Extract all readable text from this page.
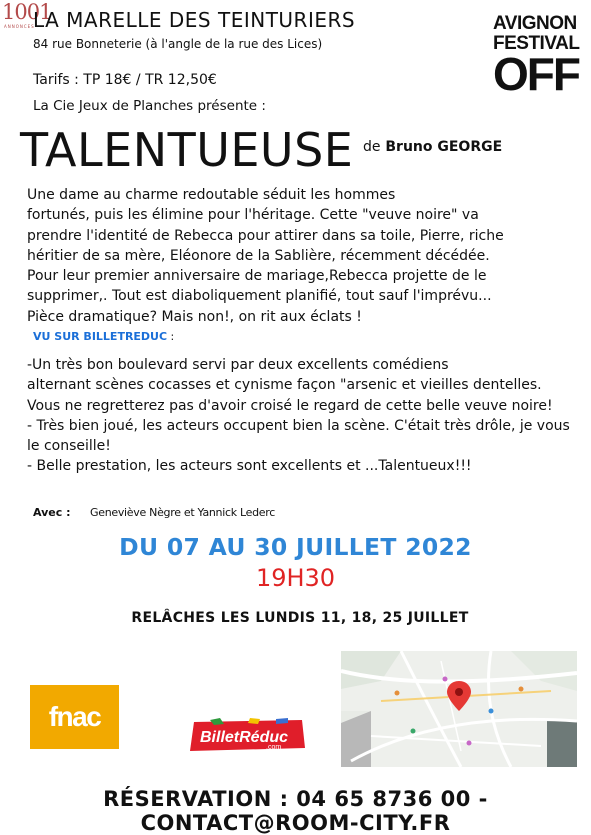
1001
ANNONCES
LA MARELLE DES TEINTURIERS
84 rue Bonneterie (à l'angle de la rue des Lices)
AVIGNON
FESTIVAL
OFF
Tarifs : TP 18€ / TR 12,50€
La Cie Jeux de Planches présente :
TALENTUEUSE de Bruno GEORGE
Une dame au charme redoutable séduit les hommes
fortunés, puis les élimine pour l'héritage. Cette "veuve noire" va
prendre l'identité de Rebecca pour attirer dans sa toile, Pierre, riche
héritier de sa mère, Eléonore de la Sablière, récemment décédée.
Pour leur premier anniversaire de mariage,Rebecca projette de le
supprimer,. Tout est diaboliquement planifié, tout sauf l'imprévu...
Pièce dramatique? Mais non!, on rit aux éclats !
VU SUR BILLETREDUC :
-Un très bon boulevard servi par deux excellents comédiens
alternant scènes cocasses et cynisme façon "arsenic et vieilles dentelles.
Vous ne regretterez pas d'avoir croisé le regard de cette belle veuve noire!
- Très bien joué, les acteurs occupent bien la scène. C'était très drôle, je vous
le conseille!
- Belle prestation, les acteurs sont excellents et ...Talentueux!!!
Avec : Geneviève Nègre et Yannick Lederc
DU 07 AU 30 JUILLET 2022
19H30
RELÂCHES LES LUNDIS 11, 18, 25 JUILLET
fnac
BilletRéduc
.com
RÉSERVATION : 04 65 8736 00 - CONTACT@ROOM-CITY.FR
